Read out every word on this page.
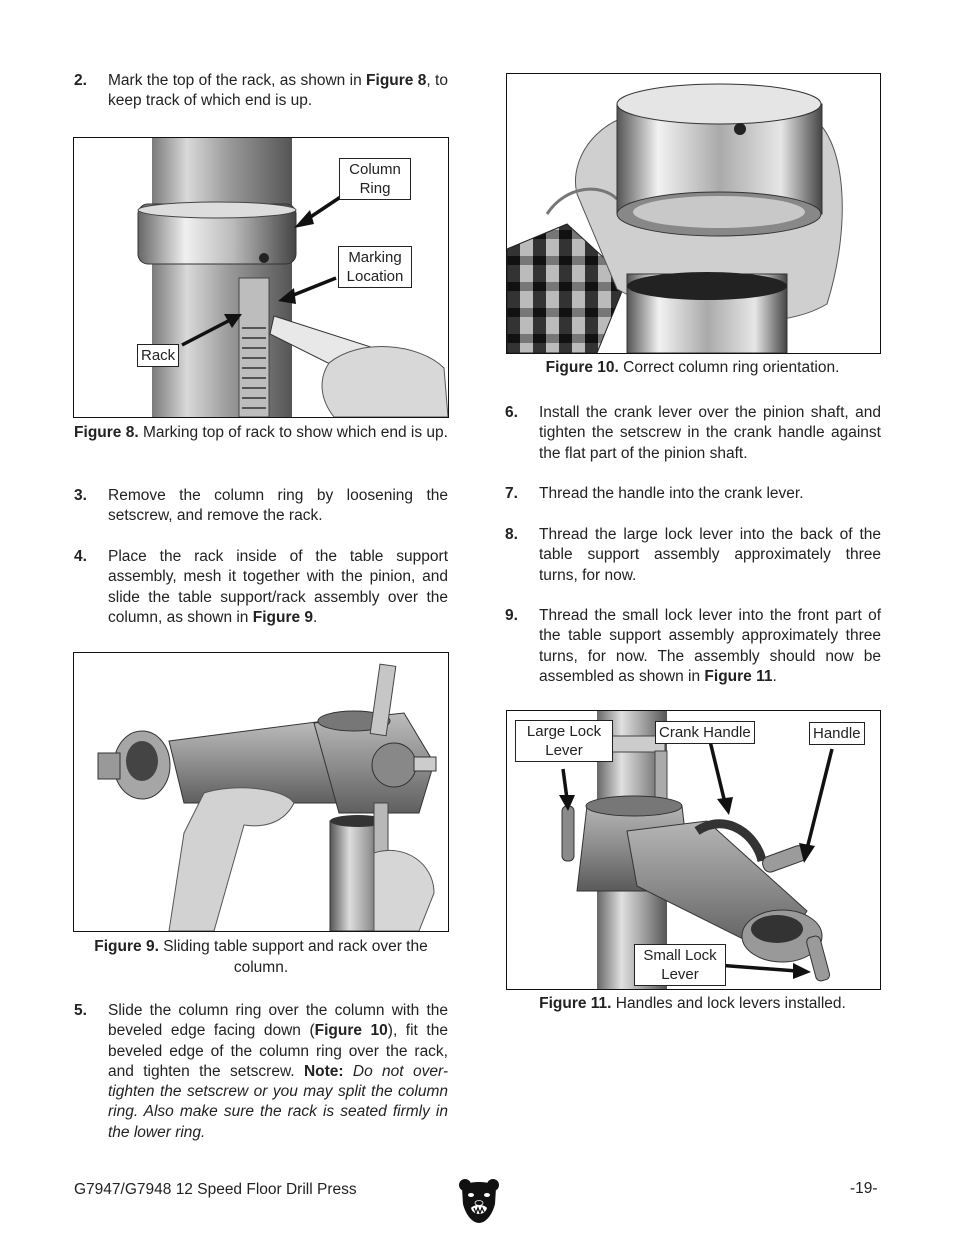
2. Mark the top of the rack, as shown in Figure 8, to keep track of which end is up.
Column Ring
Marking Location
Rack
Figure 8. Marking top of rack to show which end is up.
3. Remove the column ring by loosening the setscrew, and remove the rack.
4. Place the rack inside of the table support assembly, mesh it together with the pinion, and slide the table support/rack assembly over the column, as shown in Figure 9.
Figure 9. Sliding table support and rack over the column.
5. Slide the column ring over the column with the beveled edge facing down (Figure 10), fit the beveled edge of the column ring over the rack, and tighten the setscrew. Note: Do not over-tighten the setscrew or you may split the column ring. Also make sure the rack is seated firmly in the lower ring.
Figure 10. Correct column ring orientation.
6. Install the crank lever over the pinion shaft, and tighten the setscrew in the crank handle against the flat part of the pinion shaft.
7. Thread the handle into the crank lever.
8. Thread the large lock lever into the back of the table support assembly approximately three turns, for now.
9. Thread the small lock lever into the front part of the table support assembly approximately three turns, for now. The assembly should now be assembled as shown in Figure 11.
Large Lock Lever
Crank Handle	Handle
Small Lock Lever
Figure 11. Handles and lock levers installed.
G7947/G7948 12 Speed Floor Drill Press	-19-
